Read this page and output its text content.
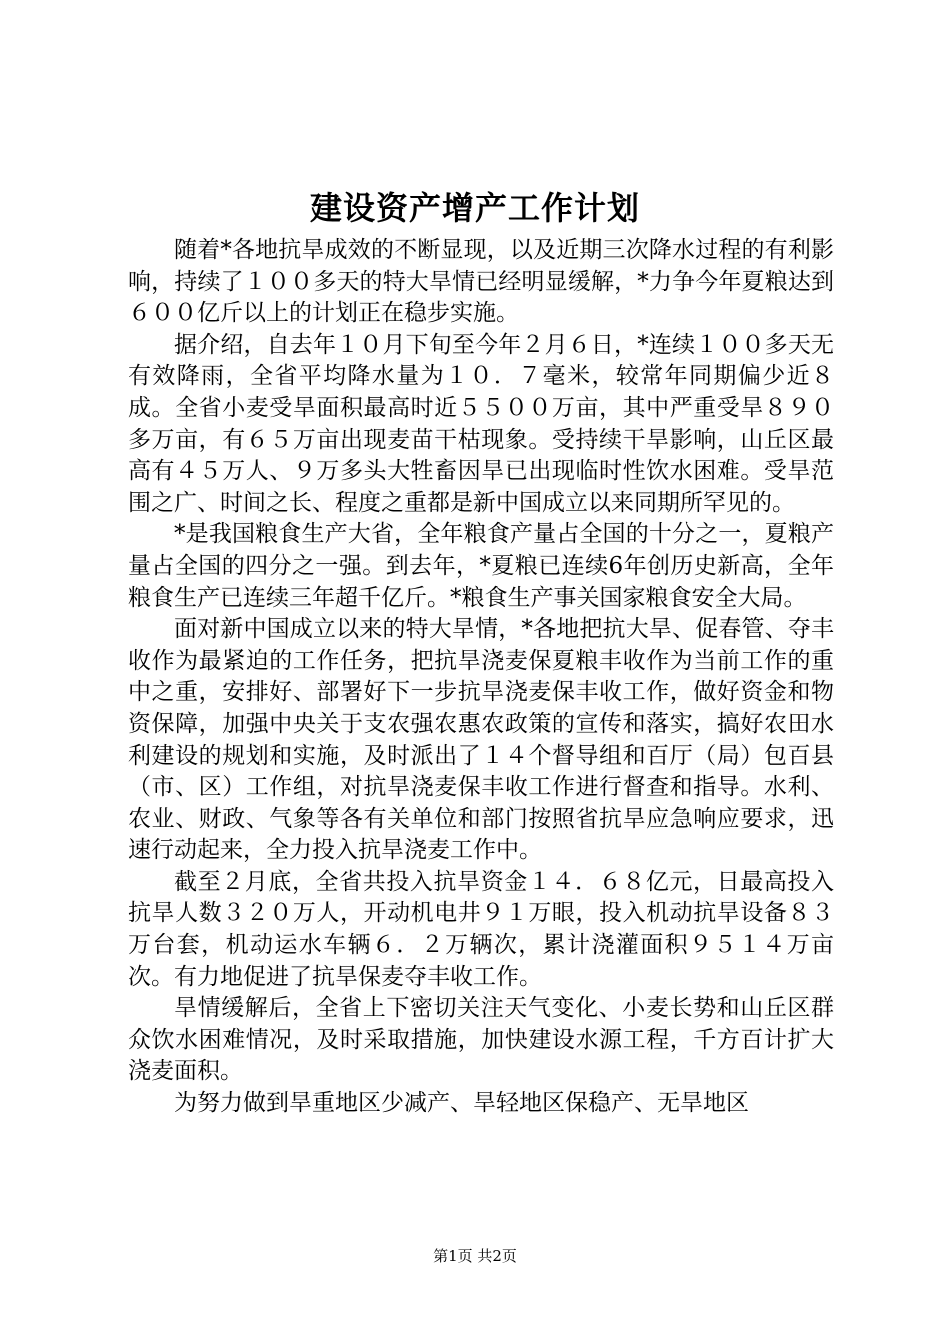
建设资产增产工作计划

随着*各地抗旱成效的不断显现，以及近期三次降水过程的有利影响，持续了１００多天的特大旱情已经明显缓解，*力争今年夏粮达到６００亿斤以上的计划正在稳步实施。

据介绍，自去年１０月下旬至今年２月６日，*连续１００多天无有效降雨，全省平均降水量为１０．７毫米，较常年同期偏少近８成。全省小麦受旱面积最高时近５５００万亩，其中严重受旱８９０多万亩，有６５万亩出现麦苗干枯现象。受持续干旱影响，山丘区最高有４５万人、９万多头大牲畜因旱已出现临时性饮水困难。受旱范围之广、时间之长、程度之重都是新中国成立以来同期所罕见的。

*是我国粮食生产大省，全年粮食产量占全国的十分之一，夏粮产量占全国的四分之一强。到去年，*夏粮已连续6年创历史新高，全年粮食生产已连续三年超千亿斤。*粮食生产事关国家粮食安全大局。

面对新中国成立以来的特大旱情，*各地把抗大旱、促春管、夺丰收作为最紧迫的工作任务，把抗旱浇麦保夏粮丰收作为当前工作的重中之重，安排好、部署好下一步抗旱浇麦保丰收工作，做好资金和物资保障，加强中央关于支农强农惠农政策的宣传和落实，搞好农田水利建设的规划和实施，及时派出了１４个督导组和百厅（局）包百县（市、区）工作组，对抗旱浇麦保丰收工作进行督查和指导。水利、农业、财政、气象等各有关单位和部门按照省抗旱应急响应要求，迅速行动起来，全力投入抗旱浇麦工作中。

截至２月底，全省共投入抗旱资金１４．６８亿元，日最高投入抗旱人数３２０万人，开动机电井９１万眼，投入机动抗旱设备８３万台套，机动运水车辆６．２万辆次，累计浇灌面积９５１４万亩次。有力地促进了抗旱保麦夺丰收工作。

旱情缓解后，全省上下密切关注天气变化、小麦长势和山丘区群众饮水困难情况，及时采取措施，加快建设水源工程，千方百计扩大浇麦面积。

为努力做到旱重地区少减产、旱轻地区保稳产、无旱地区

第1页 共2页
